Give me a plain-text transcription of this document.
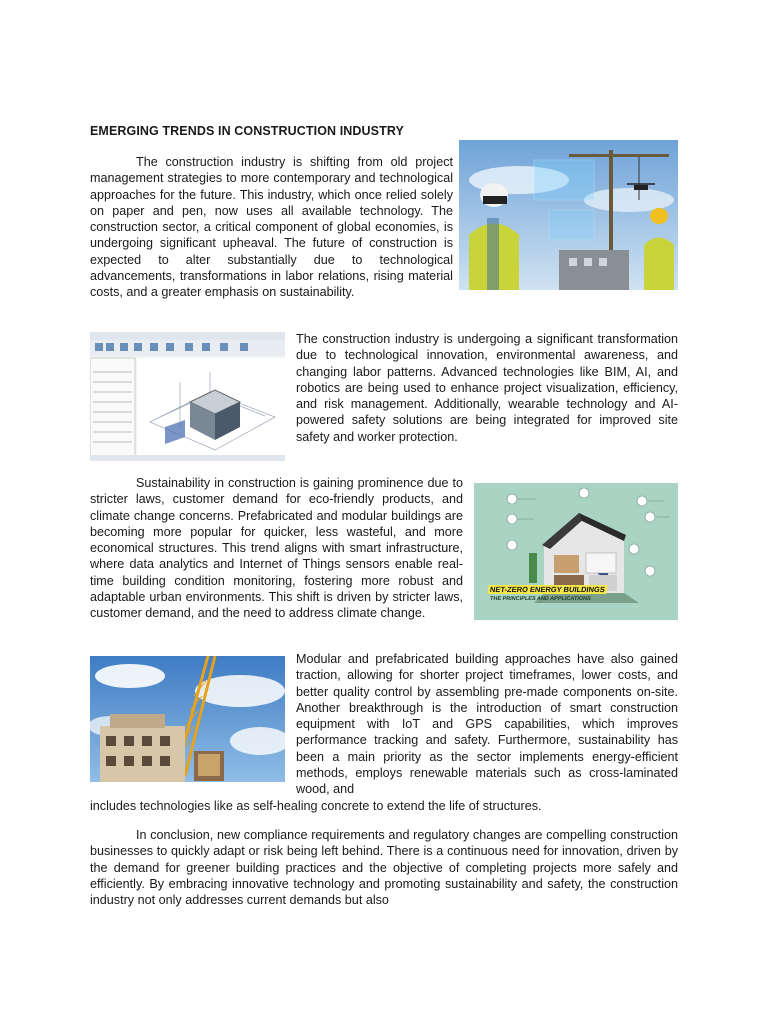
EMERGING TRENDS IN CONSTRUCTION INDUSTRY

The construction industry is shifting from old project management strategies to more contemporary and technological approaches for the future. This industry, which once relied solely on paper and pen, now uses all available technology. The construction sector, a critical component of global economies, is undergoing significant upheaval. The future of construction is expected to alter substantially due to technological advancements, transformations in labor relations, rising material costs, and a greater emphasis on sustainability.

The construction industry is undergoing a significant transformation due to technological innovation, environmental awareness, and changing labor patterns. Advanced technologies like BIM, AI, and robotics are being used to enhance project visualization, efficiency, and risk management. Additionally, wearable technology and AI-powered safety solutions are being integrated for improved site safety and worker protection.

Sustainability in construction is gaining prominence due to stricter laws, customer demand for eco-friendly products, and climate change concerns. Prefabricated and modular buildings are becoming more popular for quicker, less wasteful, and more economical structures. This trend aligns with smart infrastructure, where data analytics and Internet of Things sensors enable real-time building condition monitoring, fostering more robust and adaptable urban environments. This shift is driven by stricter laws, customer demand, and the need to address climate change.

NET-ZERO ENERGY BUILDINGS
THE PRINCIPLES AND APPLICATIONS

Modular and prefabricated building approaches have also gained traction, allowing for shorter project timeframes, lower costs, and better quality control by assembling pre-made components on-site. Another breakthrough is the introduction of smart construction equipment with IoT and GPS capabilities, which improves performance tracking and safety. Furthermore, sustainability has been a main priority as the sector implements energy-efficient methods, employs renewable materials such as cross-laminated wood, and

includes technologies like as self-healing concrete to extend the life of structures.

In conclusion, new compliance requirements and regulatory changes are compelling construction businesses to quickly adapt or risk being left behind. There is a continuous need for innovation, driven by the demand for greener building practices and the objective of completing projects more safely and efficiently. By embracing innovative technology and promoting sustainability and safety, the construction industry not only addresses current demands but also
